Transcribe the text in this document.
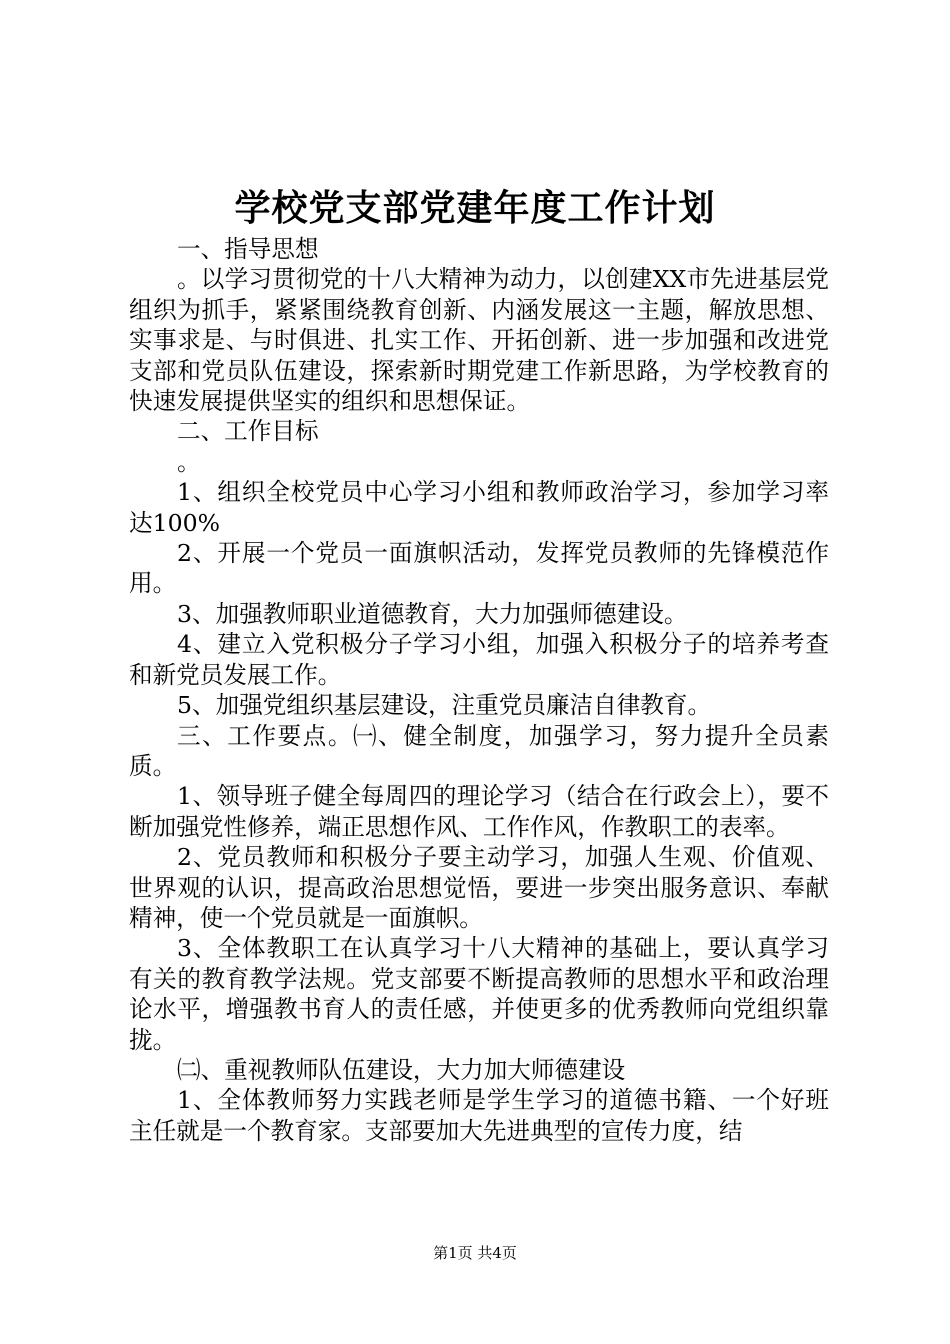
学校党支部党建年度工作计划

一、指导思想

。以学习贯彻党的十八大精神为动力，以创建XX市先进基层党组织为抓手，紧紧围绕教育创新、内涵发展这一主题，解放思想、实事求是、与时俱进、扎实工作、开拓创新、进一步加强和改进党支部和党员队伍建设，探索新时期党建工作新思路，为学校教育的快速发展提供坚实的组织和思想保证。

二、工作目标

。

1、组织全校党员中心学习小组和教师政治学习，参加学习率达100%

2、开展一个党员一面旗帜活动，发挥党员教师的先锋模范作用。

3、加强教师职业道德教育，大力加强师德建设。

4、建立入党积极分子学习小组，加强入积极分子的培养考查和新党员发展工作。

5、加强党组织基层建设，注重党员廉洁自律教育。

三、工作要点。㈠、健全制度，加强学习，努力提升全员素质。

1、领导班子健全每周四的理论学习（结合在行政会上），要不断加强党性修养，端正思想作风、工作作风，作教职工的表率。

2、党员教师和积极分子要主动学习，加强人生观、价值观、世界观的认识，提高政治思想觉悟，要进一步突出服务意识、奉献精神，使一个党员就是一面旗帜。

3、全体教职工在认真学习十八大精神的基础上，要认真学习有关的教育教学法规。党支部要不断提高教师的思想水平和政治理论水平，增强教书育人的责任感，并使更多的优秀教师向党组织靠拢。

㈡、重视教师队伍建设，大力加大师德建设

1、全体教师努力实践老师是学生学习的道德书籍、一个好班主任就是一个教育家。支部要加大先进典型的宣传力度，结

第1页 共4页
